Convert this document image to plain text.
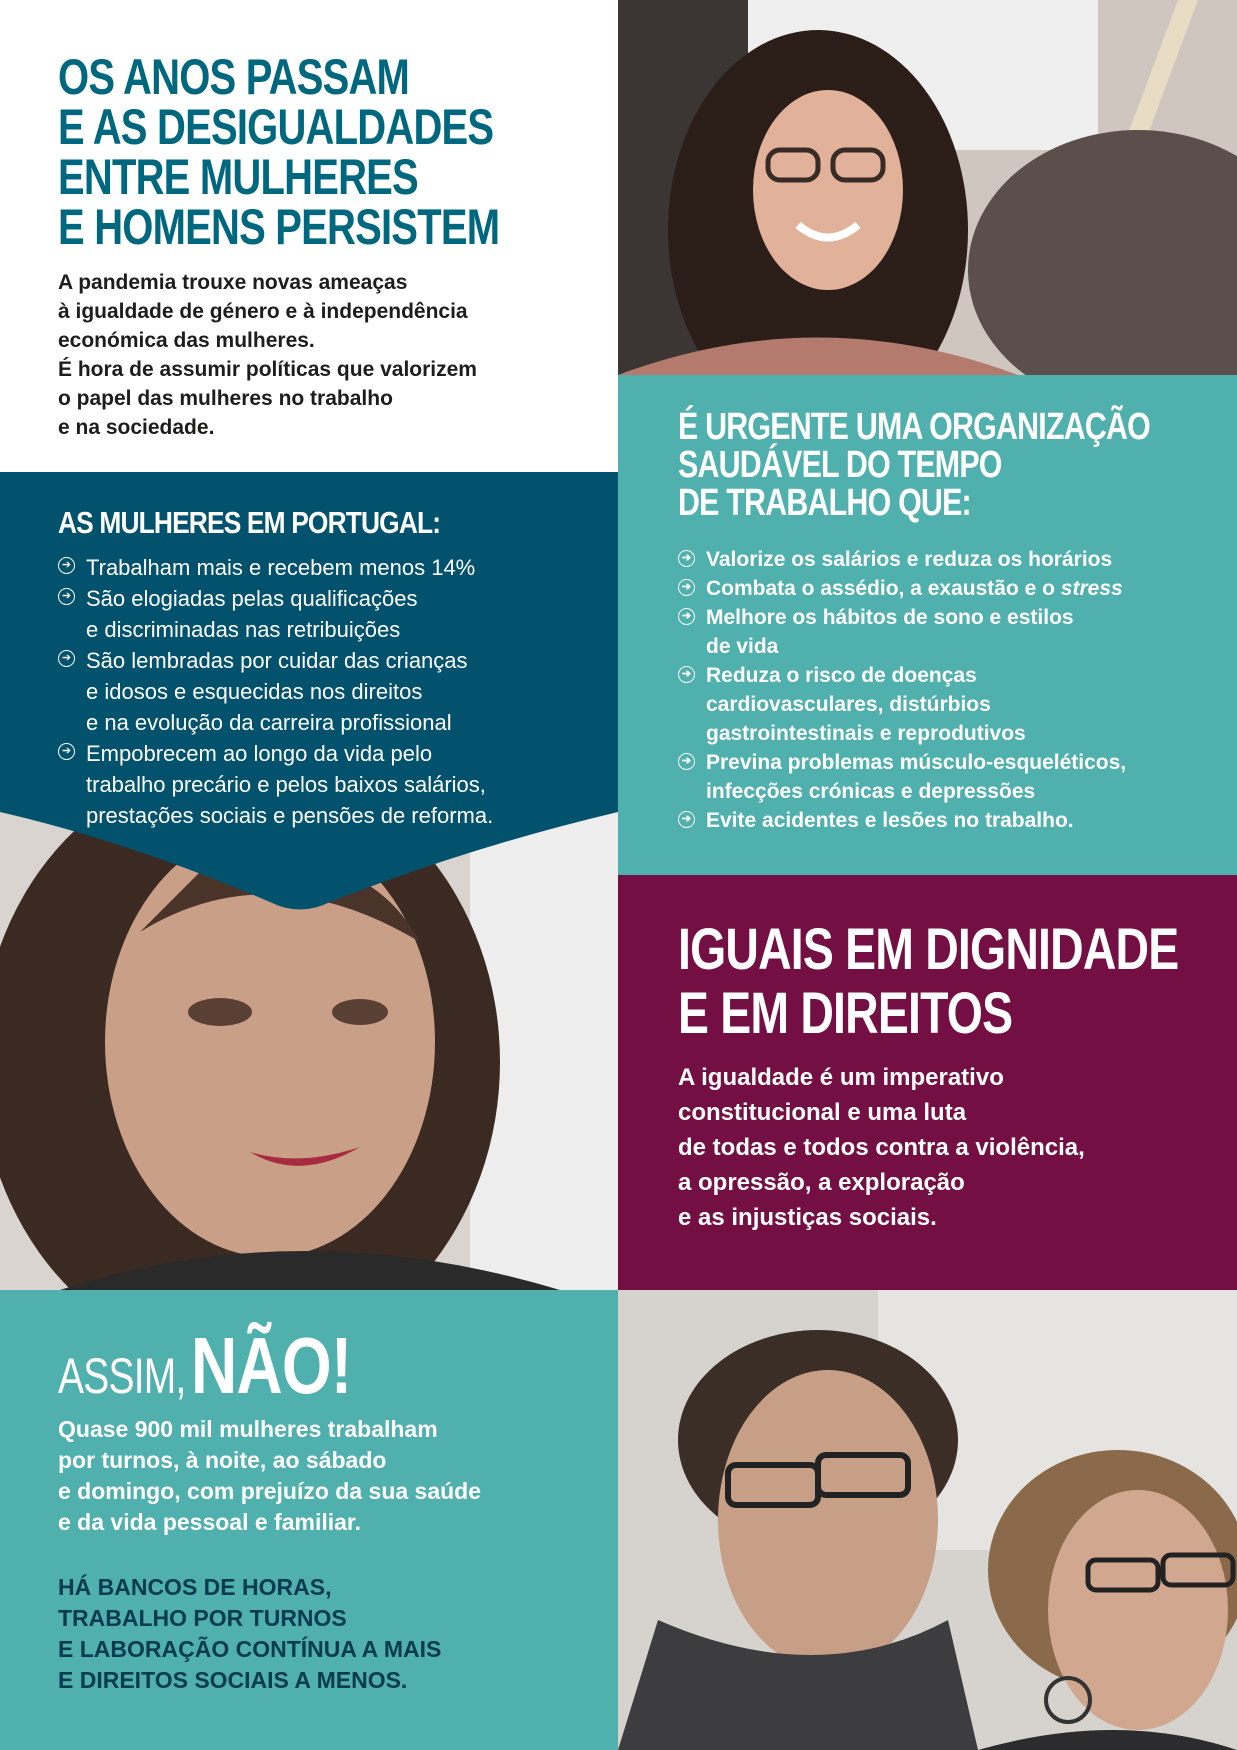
OS ANOS PASSAM
E AS DESIGUALDADES
ENTRE MULHERES
E HOMENS PERSISTEM
A pandemia trouxe novas ameaças
à igualdade de género e à independência
económica das mulheres.
É hora de assumir políticas que valorizem
o papel das mulheres no trabalho
e na sociedade.
AS MULHERES EM PORTUGAL:
➔ Trabalham mais e recebem menos 14%
➔ São elogiadas pelas qualificações
e discriminadas nas retribuições
➔ São lembradas por cuidar das crianças
e idosos e esquecidas nos direitos
e na evolução da carreira profissional
➔ Empobrecem ao longo da vida pelo
trabalho precário e pelos baixos salários,
prestações sociais e pensões de reforma.
É URGENTE UMA ORGANIZAÇÃO
SAUDÁVEL DO TEMPO
DE TRABALHO QUE:
➔ Valorize os salários e reduza os horários
➔ Combata o assédio, a exaustão e o stress
➔ Melhore os hábitos de sono e estilos
de vida
➔ Reduza o risco de doenças
cardiovasculares, distúrbios
gastrointestinais e reprodutivos
➔ Previna problemas músculo-esqueléticos,
infecções crónicas e depressões
➔ Evite acidentes e lesões no trabalho.
IGUAIS EM DIGNIDADE
E EM DIREITOS
A igualdade é um imperativo
constitucional e uma luta
de todas e todos contra a violência,
a opressão, a exploração
e as injustiças sociais.
ASSIM,NÃO!
Quase 900 mil mulheres trabalham
por turnos, à noite, ao sábado
e domingo, com prejuízo da sua saúde
e da vida pessoal e familiar.
HÁ BANCOS DE HORAS,
TRABALHO POR TURNOS
E LABORAÇÃO CONTÍNUA A MAIS
E DIREITOS SOCIAIS A MENOS.
